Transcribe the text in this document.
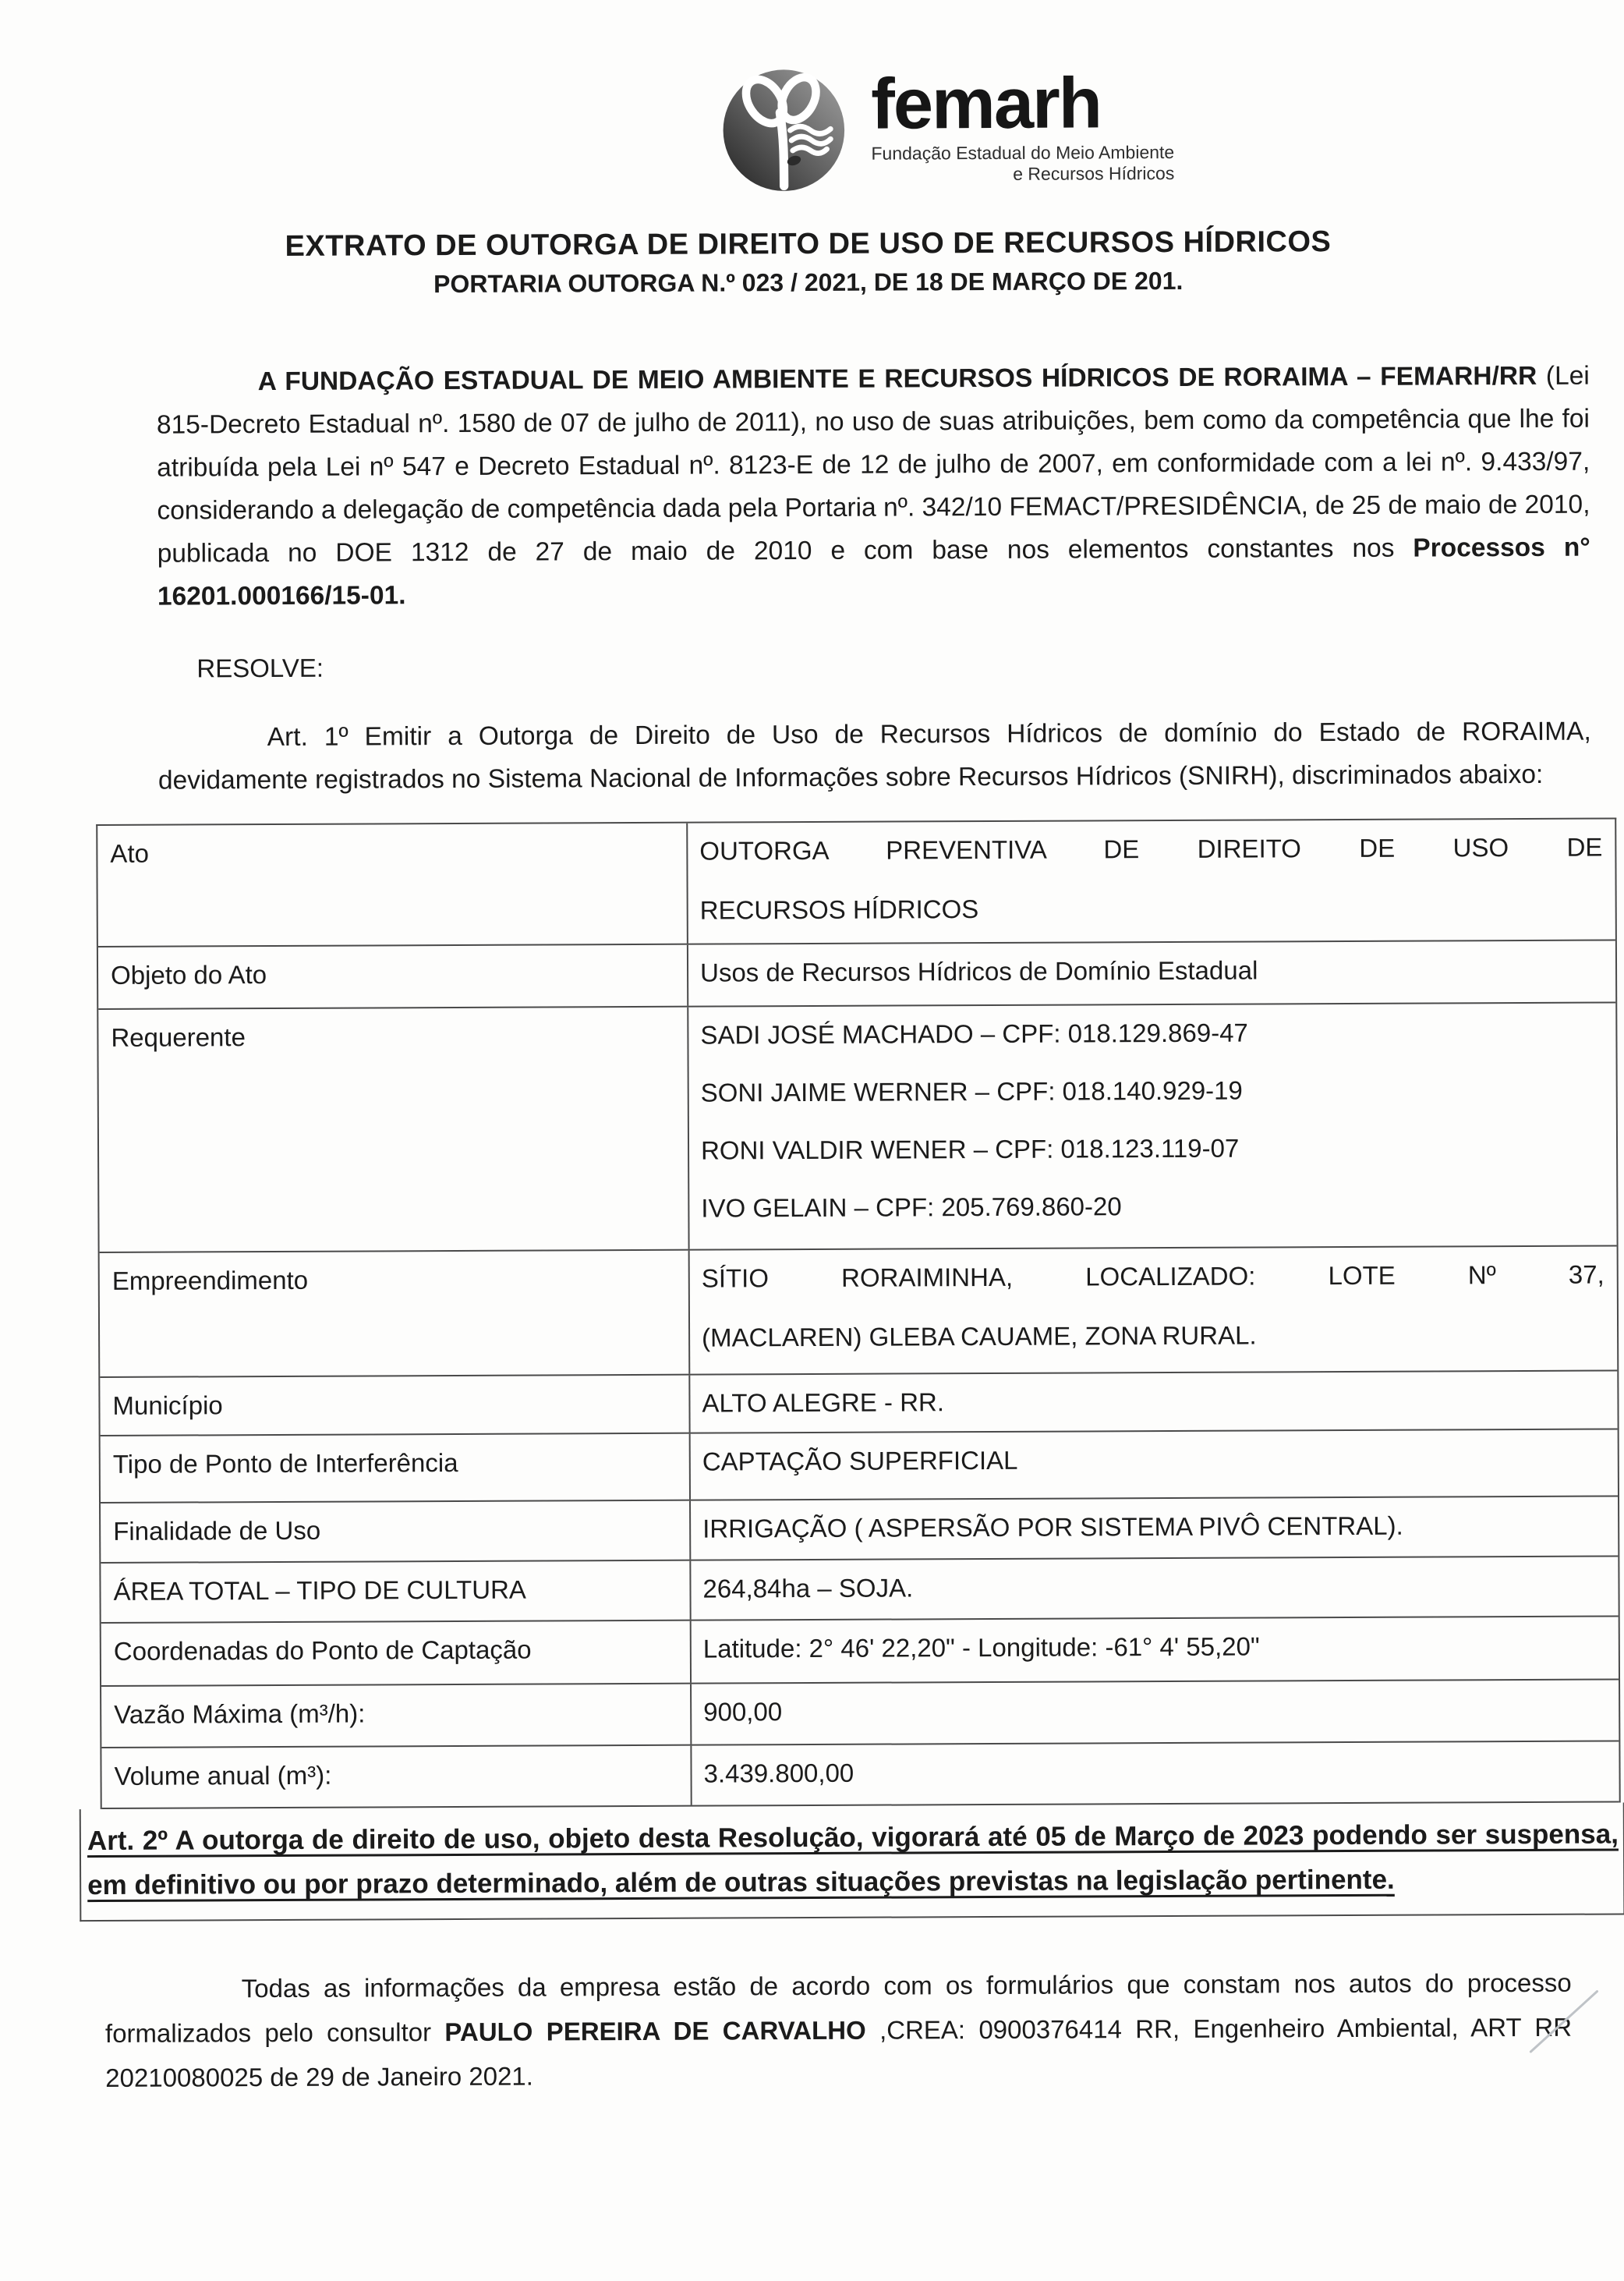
femarh
Fundação Estadual do Meio Ambiente
e Recursos Hídricos
EXTRATO DE OUTORGA DE DIREITO DE USO DE RECURSOS HÍDRICOS
PORTARIA OUTORGA N.º 023 / 2021, DE 18 DE MARÇO DE 201.

A FUNDAÇÃO ESTADUAL DE MEIO AMBIENTE E RECURSOS HÍDRICOS DE RORAIMA – FEMARH/RR (Lei 815-Decreto Estadual nº. 1580 de 07 de julho de 2011), no uso de suas atribuições, bem como da competência que lhe foi atribuída pela Lei nº 547 e Decreto Estadual nº. 8123-E de 12 de julho de 2007, em conformidade com a lei nº. 9.433/97, considerando a delegação de competência dada pela Portaria nº. 342/10 FEMACT/PRESIDÊNCIA, de 25 de maio de 2010, publicada no DOE 1312 de 27 de maio de 2010 e com base nos elementos constantes nos Processos n° 16201.000166/15-01.

RESOLVE:

Art. 1º Emitir a Outorga de Direito de Uso de Recursos Hídricos de domínio do Estado de RORAIMA, devidamente registrados no Sistema Nacional de Informações sobre Recursos Hídricos (SNIRH), discriminados abaixo:

Ato	OUTORGA PREVENTIVA DE DIREITO DE USO DE
RECURSOS HÍDRICOS
Objeto do Ato	Usos de Recursos Hídricos de Domínio Estadual
Requerente	SADI JOSÉ MACHADO – CPF: 018.129.869-47
SONI JAIME WERNER – CPF: 018.140.929-19
RONI VALDIR WENER – CPF: 018.123.119-07
IVO GELAIN – CPF: 205.769.860-20
Empreendimento	SÍTIO RORAIMINHA, LOCALIZADO: LOTE Nº 37,
(MACLAREN) GLEBA CAUAME, ZONA RURAL.
Município	ALTO ALEGRE - RR.
Tipo de Ponto de Interferência	CAPTAÇÃO SUPERFICIAL
Finalidade de Uso	IRRIGAÇÃO ( ASPERSÃO POR SISTEMA PIVÔ CENTRAL).
ÁREA TOTAL – TIPO DE CULTURA	264,84ha – SOJA.
Coordenadas do Ponto de Captação	Latitude: 2° 46' 22,20" - Longitude: -61° 4' 55,20"
Vazão Máxima (m³/h):	900,00
Volume anual (m³):	3.439.800,00

Art. 2º A outorga de direito de uso, objeto desta Resolução, vigorará até 05 de Março de 2023 podendo ser suspensa, em definitivo ou por prazo determinado, além de outras situações previstas na legislação pertinente.

Todas as informações da empresa estão de acordo com os formulários que constam nos autos do processo formalizados pelo consultor PAULO PEREIRA DE CARVALHO ,CREA: 0900376414 RR, Engenheiro Ambiental, ART RR 20210080025 de 29 de Janeiro 2021.
